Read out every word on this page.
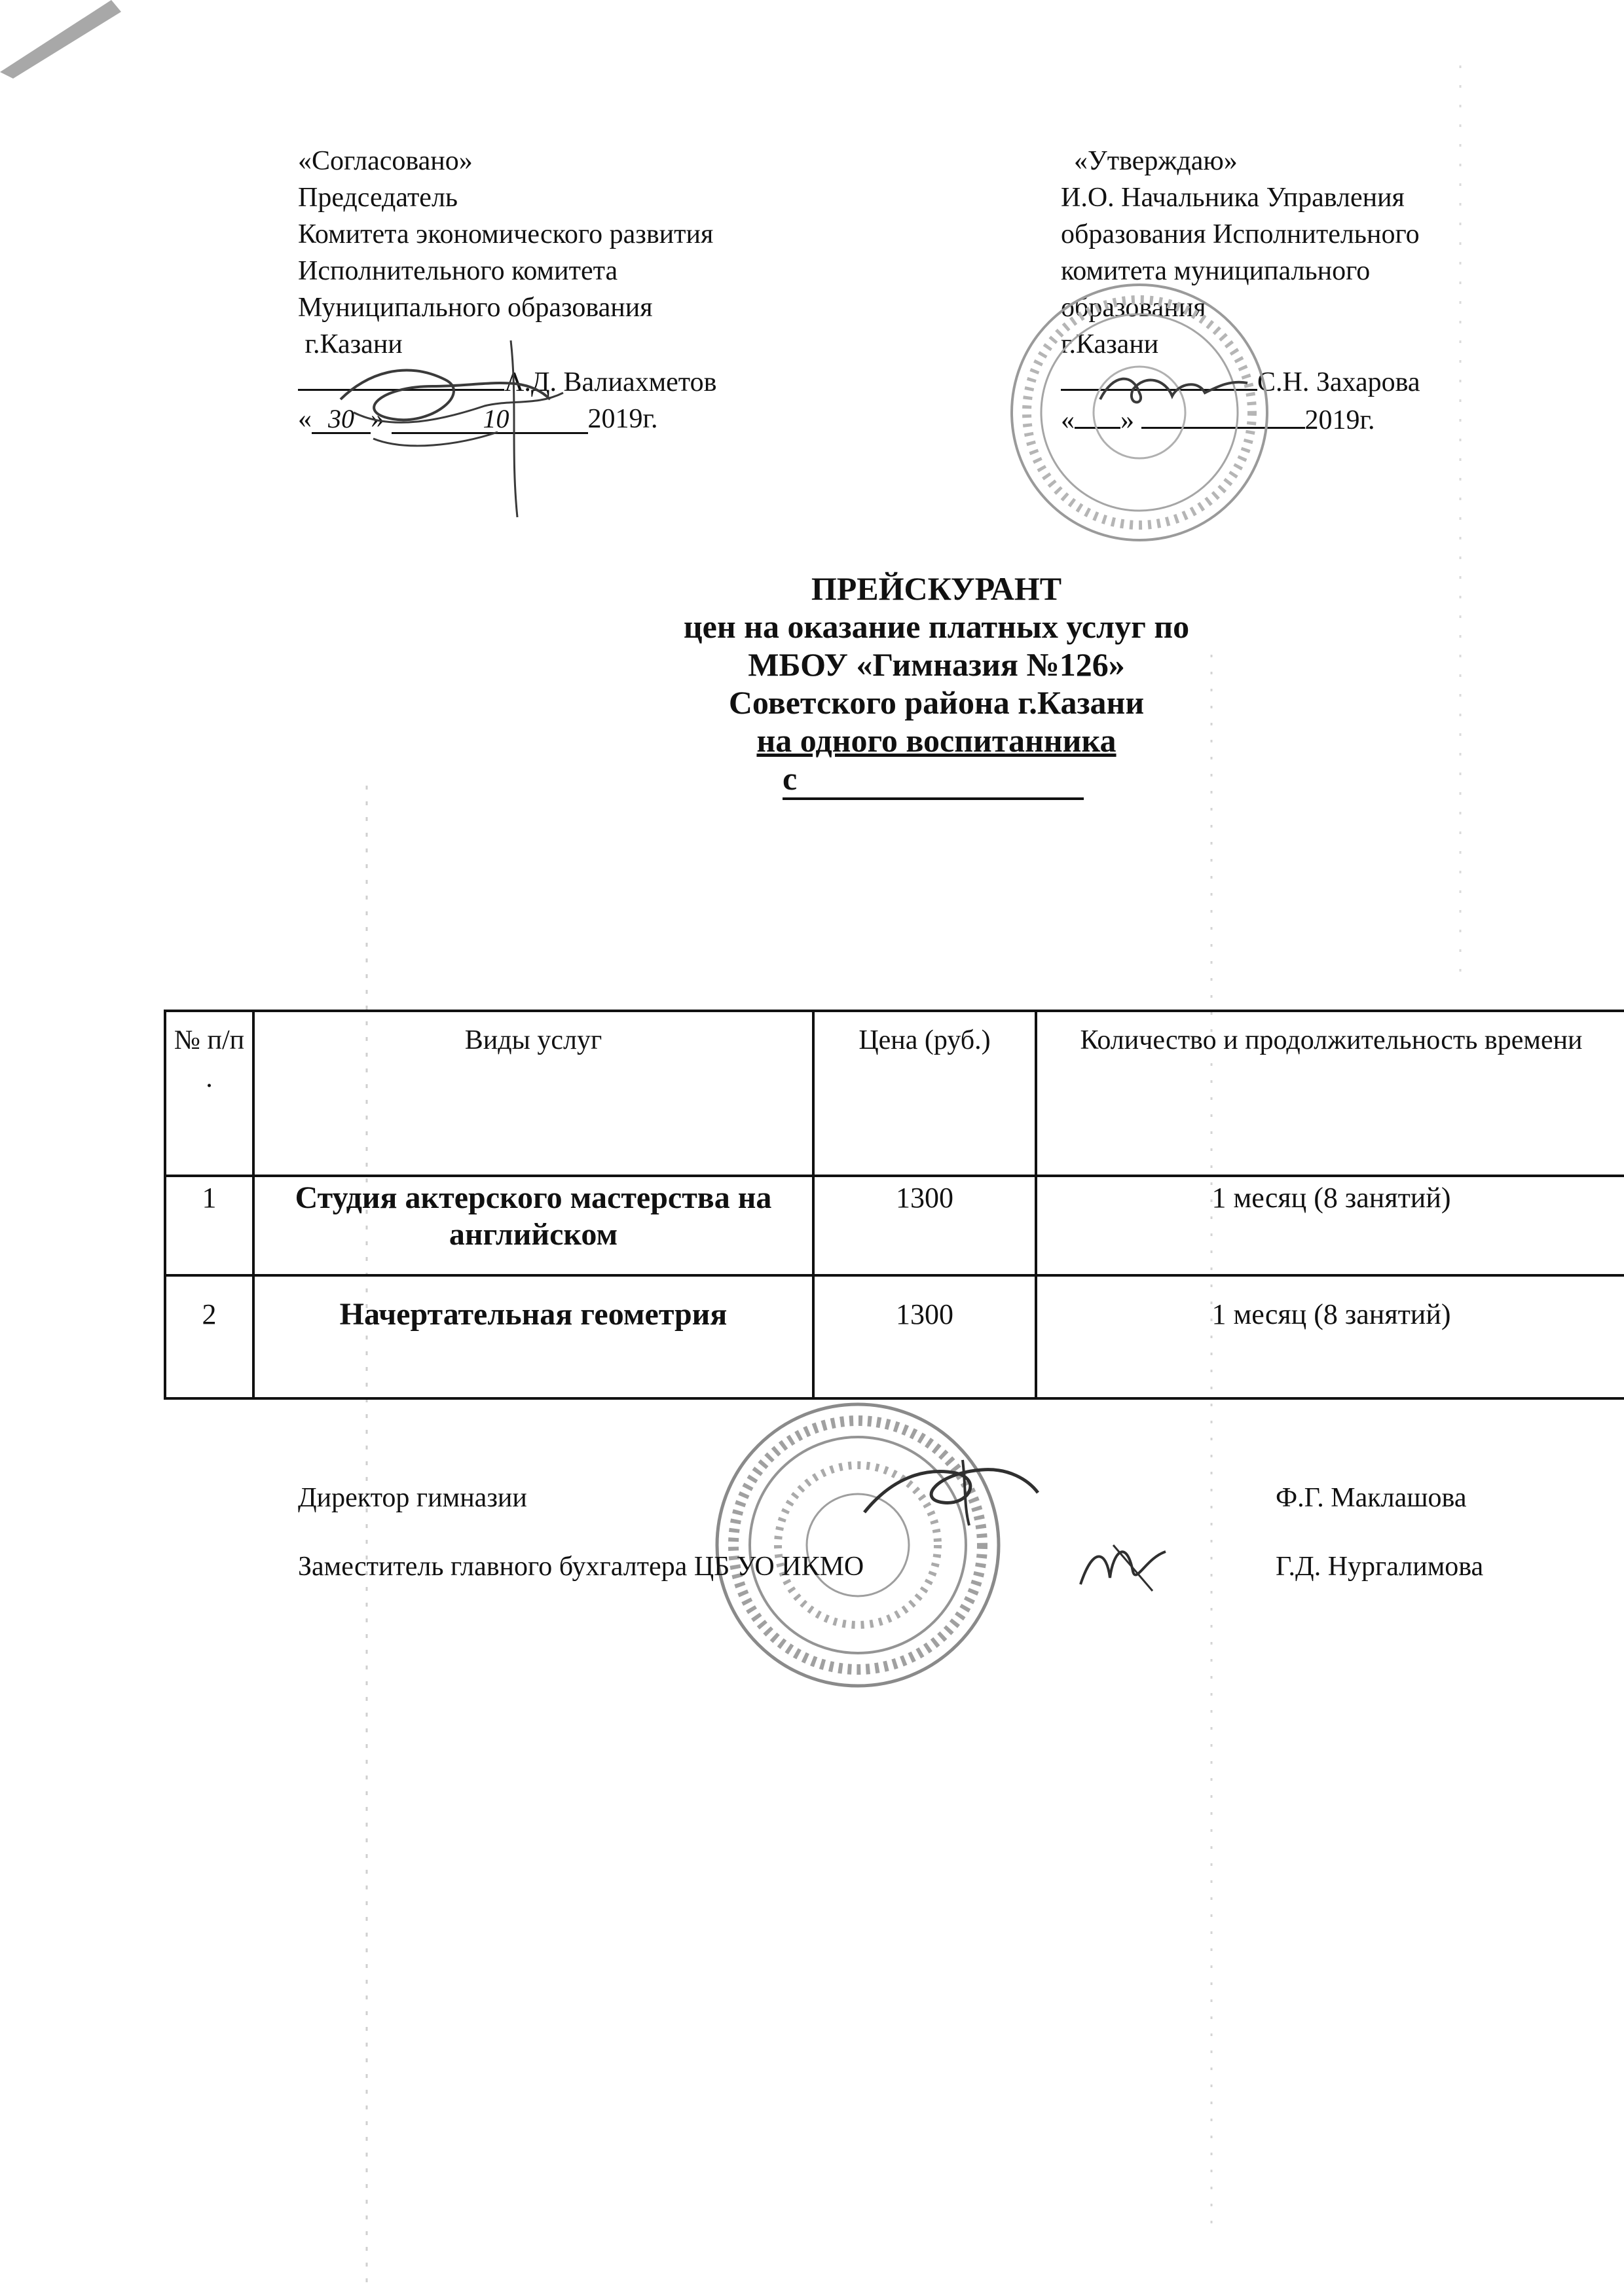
«Согласовано»
Председатель
Комитета экономического развития
Исполнительного комитета
Муниципального образования
г.Казани
А.Д. Валиахметов
« 30 »	10	2019г.
«Утверждаю»
И.О. Начальника Управления
образования Исполнительного
комитета муниципального
образования
г.Казани
С.Н. Захарова
« »	2019г.
ПРЕЙСКУРАНТ
цен на оказание платных услуг по
МБОУ «Гимназия №126»
Советского района г.Казани
на одного воспитанника
с
№ п/п .	Виды услуг	Цена (руб.)	Количество и продолжительность времени
1	Студия актерского мастерства на английском	1300	1 месяц (8 занятий)
2	Начертательная геометрия	1300	1 месяц (8 занятий)
Директор гимназии	Ф.Г. Маклашова
Заместитель главного бухгалтера ЦБ УО ИКМО	Г.Д. Нургалимова
